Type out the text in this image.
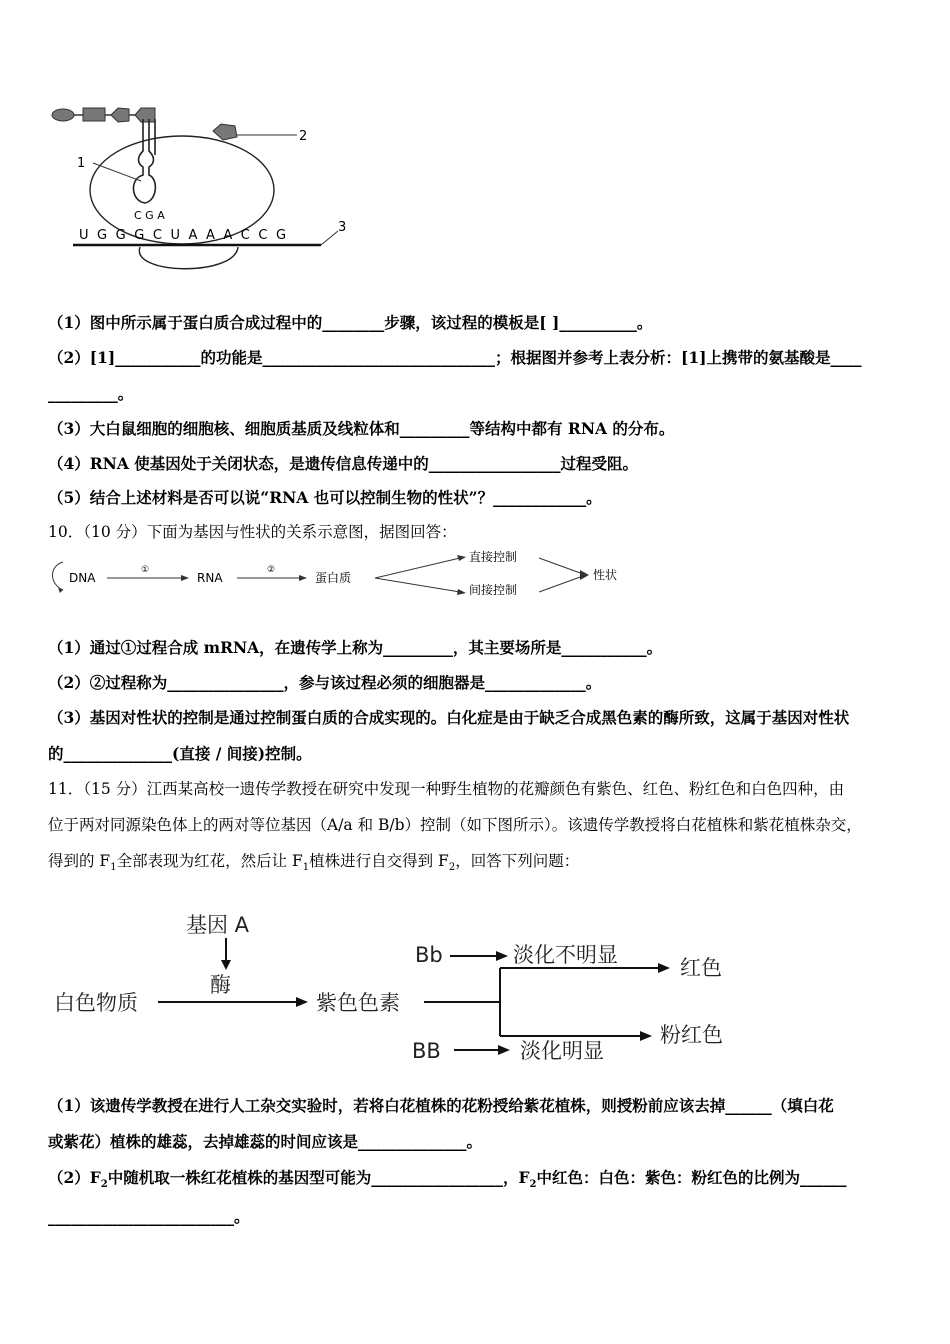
2
1
C G A
U G G G C U A A A C C G
3
（1）图中所示属于蛋白质合成过程中的________步骤，该过程的模板是[ ]__________。
（2）[1]___________的功能是______________________________；根据图并参考上表分析：[1]上携带的氨基酸是____
_________。
（3）大白鼠细胞的细胞核、细胞质基质及线粒体和_________等结构中都有 RNA 的分布。
（4）RNA 使基因处于关闭状态，是遗传信息传递中的_________________过程受阻。
（5）结合上述材料是否可以说“RNA 也可以控制生物的性状”？____________。
10．（10 分）下面为基因与性状的关系示意图，据图回答：
DNA
①
RNA
②
蛋白质
直接控制
间接控制
性状
（1）通过①过程合成 mRNA，在遗传学上称为_________，其主要场所是___________。
（2）②过程称为_______________，参与该过程必须的细胞器是_____________。
（3）基因对性状的控制是通过控制蛋白质的合成实现的。白化症是由于缺乏合成黑色素的酶所致，这属于基因对性状
的______________(直接 / 间接)控制。
11．（15 分）江西某高校一遗传学教授在研究中发现一种野生植物的花瓣颜色有紫色、红色、粉红色和白色四种，由
位于两对同源染色体上的两对等位基因（A/a 和 B/b）控制（如下图所示）。该遗传学教授将白花植株和紫花植株杂交，
得到的 $F_1$全部表现为红花，然后让 $F_1$植株进行自交得到 $F_2$，回答下列问题：
基因 A
酶
白色物质	紫色色素
Bb	淡化不明显
红色
BB	淡化明显
粉红色
（1）该遗传学教授在进行人工杂交实验时，若将白花植株的花粉授给紫花植株，则授粉前应该去掉______（填白花
或紫花）植株的雄蕊，去掉雄蕊的时间应该是______________。
$(2)F_2$中随机取一株红花植株的基因型可能为_________________，$F_2$中红色：白色：紫色：粉红色的比例为______
________________________。
